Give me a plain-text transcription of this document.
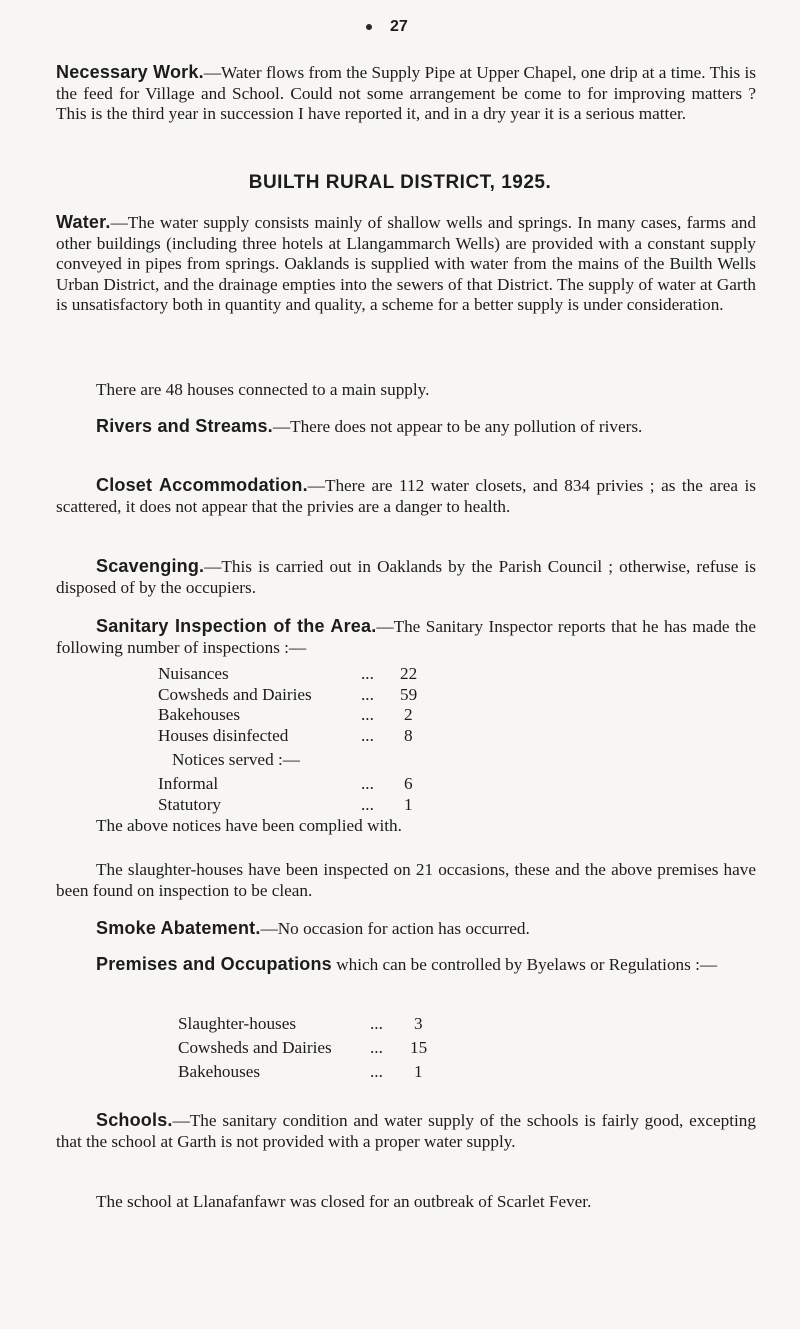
27
Necessary Work.—Water flows from the Supply Pipe at Upper Chapel, one drip at a time. This is the feed for Village and School. Could not some arrangement be come to for improving matters ? This is the third year in succession I have reported it, and in a dry year it is a serious matter.
BUILTH RURAL DISTRICT, 1925.
Water.—The water supply consists mainly of shallow wells and springs. In many cases, farms and other buildings (including three hotels at Llangammarch Wells) are provided with a constant supply conveyed in pipes from springs. Oaklands is supplied with water from the mains of the Builth Wells Urban District, and the drainage empties into the sewers of that District. The supply of water at Garth is unsatisfactory both in quantity and quality, a scheme for a better supply is under consideration.
There are 48 houses connected to a main supply.
Rivers and Streams.—There does not appear to be any pollution of rivers.
Closet Accommodation.—There are 112 water closets, and 834 privies ; as the area is scattered, it does not appear that the privies are a danger to health.
Scavenging.—This is carried out in Oaklands by the Parish Council ; otherwise, refuse is disposed of by the occupiers.
Sanitary Inspection of the Area.—The Sanitary Inspector reports that he has made the following number of inspections :—
Nuisances	... 22
Cowsheds and Dairies	... 59
Bakehouses	... 2
Houses disinfected	... 8
Notices served :—
Informal	... 6
Statutory	... 1
The above notices have been complied with.
The slaughter-houses have been inspected on 21 occasions, these and the above premises have been found on inspection to be clean.
Smoke Abatement.—No occasion for action has occurred.
Premises and Occupations which can be controlled by Byelaws or Regulations :—
Slaughter-houses	... 3
Cowsheds and Dairies ... 15
Bakehouses	... 1
Schools.—The sanitary condition and water supply of the schools is fairly good, excepting that the school at Garth is not provided with a proper water supply.
The school at Llanafanfawr was closed for an outbreak of Scarlet Fever.
